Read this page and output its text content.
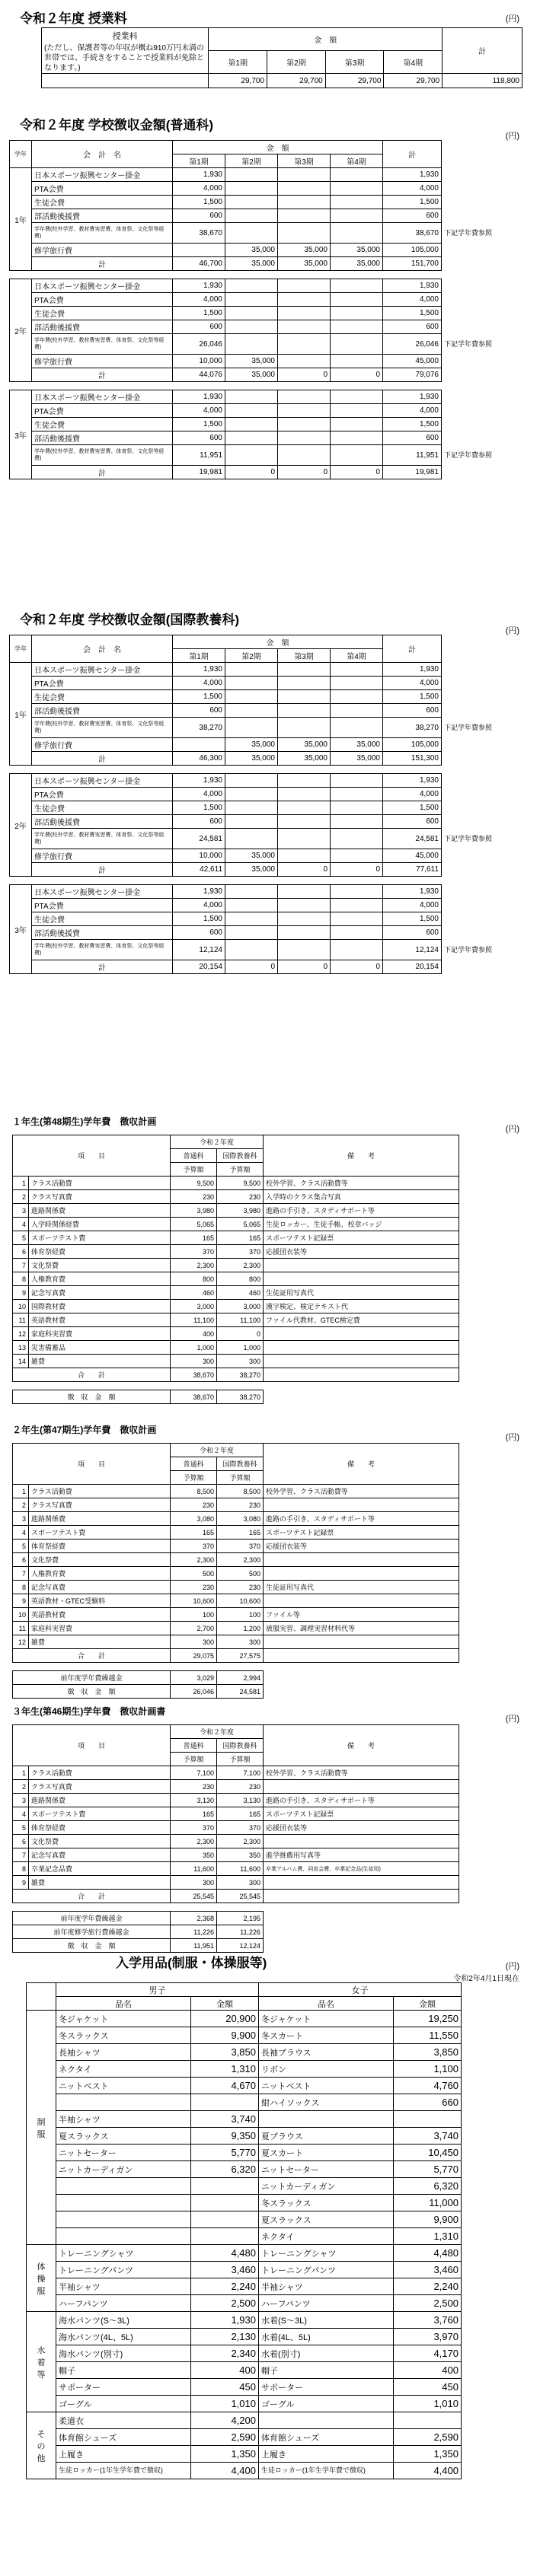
令和２年度 授業料	(円)
授業料
(ただし、保護者等の年収が概ね910万円未満の世帯では、手続きをすることで授業料が免除となります。)	金　額				計
	第1期	第2期	第3期	第4期	
	29,700	29,700	29,700	29,700	118,800
令和２年度 学校徴収金額(普通科)
(円)
学年	会　計　名	金　額				計	
		第1期	第2期	第3期	第4期		
1年	日本スポーツ振興センター掛金	1,930				1,930	
	PTA会費	4,000				4,000	
	生徒会費	1,500				1,500	
	部活動後援費	600				600	
	学年費(校外学習、教材費実習費、体育祭、文化祭等経費)	38,670				38,670	下記学年費参照
	修学旅行費		35,000	35,000	35,000	105,000	
	計	46,700	35,000	35,000	35,000	151,700	

2年	日本スポーツ振興センター掛金	1,930				1,930	
	PTA会費	4,000				4,000	
	生徒会費	1,500				1,500	
	部活動後援費	600				600	
	学年費(校外学習、教材費実習費、体育祭、文化祭等経費)	26,046				26,046	下記学年費参照
	修学旅行費	10,000	35,000			45,000	
	計	44,076	35,000	0	0	79,076	

3年	日本スポーツ振興センター掛金	1,930				1,930	
	PTA会費	4,000				4,000	
	生徒会費	1,500				1,500	
	部活動後援費	600				600	
	学年費(校外学習、教材費実習費、体育祭、文化祭等経費)	11,951				11,951	下記学年費参照
	計	19,981	0	0	0	19,981	
令和２年度 学校徴収金額(国際教養科)
(円)
学年	会　計　名	金　額				計	
		第1期	第2期	第3期	第4期		
1年	日本スポーツ振興センター掛金	1,930				1,930	
	PTA会費	4,000				4,000	
	生徒会費	1,500				1,500	
	部活動後援費	600				600	
	学年費(校外学習、教材費実習費、体育祭、文化祭等経費)	38,270				38,270	下記学年費参照
	修学旅行費		35,000	35,000	35,000	105,000	
	計	46,300	35,000	35,000	35,000	151,300	

2年	日本スポーツ振興センター掛金	1,930				1,930	
	PTA会費	4,000				4,000	
	生徒会費	1,500				1,500	
	部活動後援費	600				600	
	学年費(校外学習、教材費実習費、体育祭、文化祭等経費)	24,581				24,581	下記学年費参照
	修学旅行費	10,000	35,000			45,000	
	計	42,611	35,000	0	0	77,611	

3年	日本スポーツ振興センター掛金	1,930				1,930	
	PTA会費	4,000				4,000	
	生徒会費	1,500				1,500	
	部活動後援費	600				600	
	学年費(校外学習、教材費実習費、体育祭、文化祭等経費)	12,124				12,124	下記学年費参照
	計	20,154	0	0	0	20,154	
１年生(第48期生)学年費　徴収計画
(円)
項　　目		令和２年度		備　　考
		普通科	国際教養科	
		予算額	予算額	
1	クラス活動費	9,500	9,500	校外学習、クラス活動費等
2	クラス写真費	230	230	入学時のクラス集合写真
3	進路関係費	3,980	3,980	進路の手引き、スタディサポート等
4	入学時関係経費	5,065	5,065	生徒ロッカー、生徒手帳、校章バッジ
5	スポーツテスト費	165	165	スポーツテスト記録票
6	体育祭経費	370	370	応援団衣装等
7	文化祭費	2,300	2,300	
8	人権教育費	800	800	
9	記念写真費	460	460	生徒証用写真代
10	国際教材費	3,000	3,000	漢字検定、検定テキスト代
11	英語教材費	11,100	11,100	ファイル代教材、GTEC検定費
12	家庭科実習費	400	0	
13	災害備蓄品	1,000	1,000	
14	雑費	300	300	
合　　計		38,670	38,270	

徴　収　金　額		38,670	38,270	
２年生(第47期生)学年費　徴収計画
(円)
項　　目		令和２年度		備　　考
		普通科	国際教養科	
		予算額	予算額	
1	クラス活動費	8,500	8,500	校外学習、クラス活動費等
2	クラス写真費	230	230	
3	進路関係費	3,080	3,080	進路の手引き、スタディサポート等
4	スポーツテスト費	165	165	スポーツテスト記録票
5	体育祭経費	370	370	応援団衣装等
6	文化祭費	2,300	2,300	
7	人権教育費	500	500	
8	記念写真費	230	230	生徒証用写真代
9	英語教材・GTEC受験料	10,600	10,600	
10	英語教材費	100	100	ファイル等
11	家庭科実習費	2,700	1,200	被服実習、調理実習材料代等
12	雑費	300	300	
合　　計		29,075	27,575	

前年度学年費繰越金		3,029	2,994	
徴　収　金　額		26,046	24,581	
３年生(第46期生)学年費　徴収計画書
(円)
項　　目		令和２年度		備　　考
		普通科	国際教養科	
		予算額	予算額	
1	クラス活動費	7,100	7,100	校外学習、クラス活動費等
2	クラス写真費	230	230	
3	進路関係費	3,130	3,130	進路の手引き、スタディサポート等
4	スポーツテスト費	165	165	スポーツテスト記録票
5	体育祭経費	370	370	応援団衣装等
6	文化祭費	2,300	2,300	
7	記念写真費	350	350	進学推薦用写真等
8	卒業記念品費	11,600	11,600	卒業アルバム費、同窓会費、卒業記念品(生徒用)
9	雑費	300	300	
合　　計		25,545	25,545	

前年度学年費繰越金		2,368	2,195	
前年度修学旅行費繰越金		11,226	11,226	
徴　収　金　額		11,951	12,124	
入学用品(制服・体操服等)	(円)
令和2年4月1日現在
	男子		女子	
	品名	金額	品名	金額
制服	冬ジャケット	20,900	冬ジャケット	19,250
	冬スラックス	9,900	冬スカート	11,550
	長袖シャツ	3,850	長袖ブラウス	3,850
	ネクタイ	1,310	リボン	1,100
	ニットベスト	4,670	ニットベスト	4,760
			紺ハイソックス	660
	半袖シャツ	3,740		
	夏スラックス	9,350	夏ブラウス	3,740
	ニットセーター	5,770	夏スカート	10,450
	ニットカーディガン	6,320	ニットセーター	5,770
			ニットカーディガン	6,320
			冬スラックス	11,000
			夏スラックス	9,900
			ネクタイ	1,310
体操服	トレーニングシャツ	4,480	トレーニングシャツ	4,480
	トレーニングパンツ	3,460	トレーニングパンツ	3,460
	半袖シャツ	2,240	半袖シャツ	2,240
	ハーフパンツ	2,500	ハーフパンツ	2,500
水着等	海水パンツ(S〜3L)	1,930	水着(S〜3L)	3,760
	海水パンツ(4L、5L)	2,130	水着(4L、5L)	3,970
	海水パンツ(別寸)	2,340	水着(別寸)	4,170
	帽子	400	帽子	400
	サポーター	450	サポーター	450
	ゴーグル	1,010	ゴーグル	1,010
その他	柔道衣	4,200		
	体育館シューズ	2,590	体育館シューズ	2,590
	上履き	1,350	上履き	1,350
	生徒ロッカー(1年生学年費で徴収)	4,400	生徒ロッカー(1年生学年費で徴収)	4,400
